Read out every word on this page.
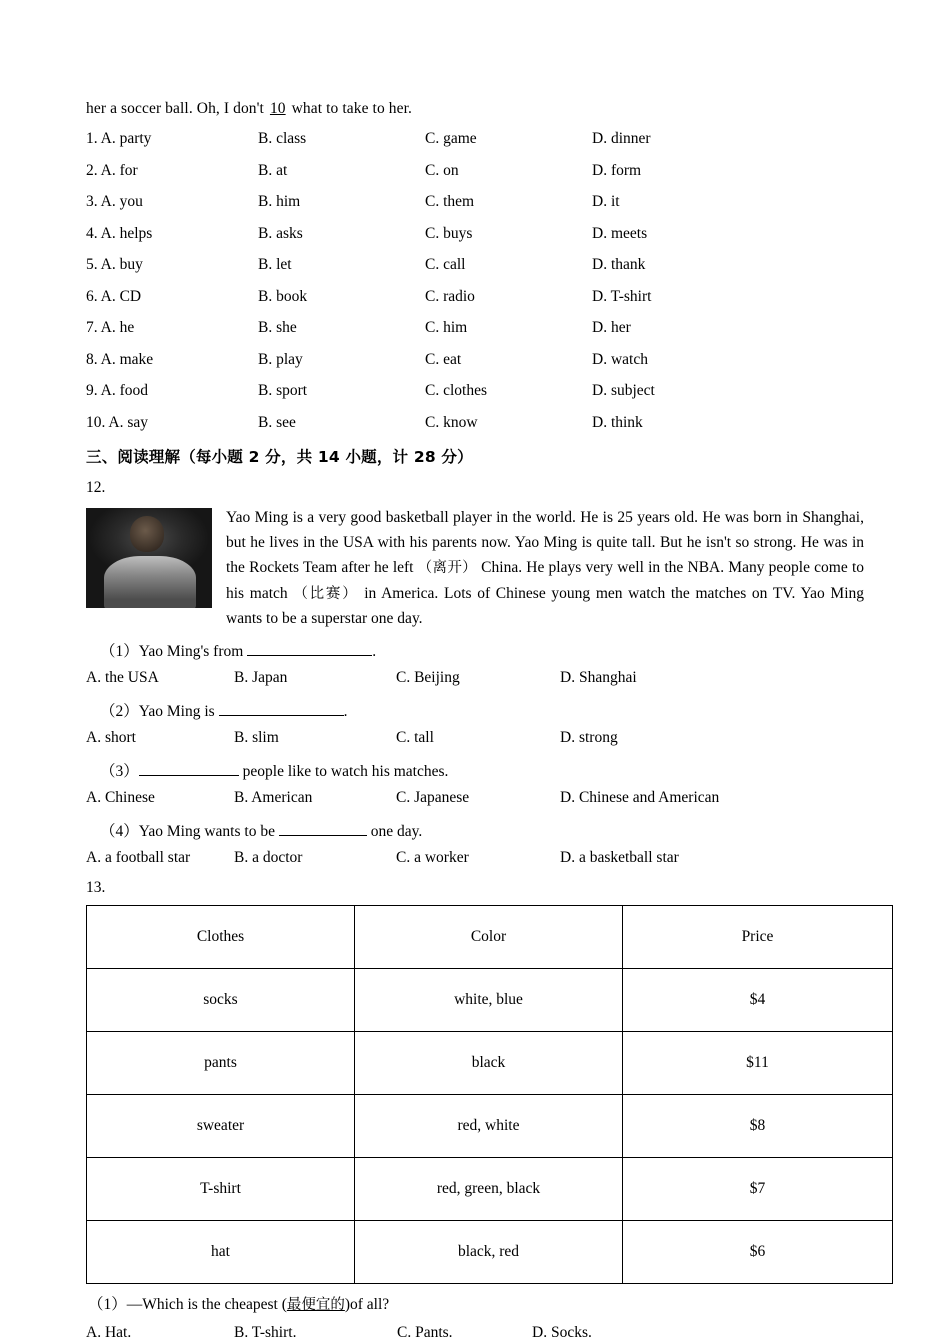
her a soccer ball. Oh, I don't 10 what to take to her.
1. A. party	B. class	C. game	D. dinner
2. A. for	B. at	C. on	D. form
3. A. you	B. him	C. them	D. it
4. A. helps	B. asks	C. buys	D. meets
5. A. buy	B. let	C. call	D. thank
6. A. CD	B. book	C. radio	D. T-shirt
7. A. he	B. she	C. him	D. her
8. A. make	B. play	C. eat	D. watch
9. A. food	B. sport	C. clothes	D. subject
10. A. say	B. see	C. know	D. think
三、阅读理解（每小题 2 分，共 14 小题，计 28 分）
12.
Yao Ming is a very good basketball player in the world. He is 25 years old. He was born in Shanghai, but he lives in the USA with his parents now. Yao Ming is quite tall. But he isn't so strong. He was in the Rockets Team after he left （离开） China. He plays very well in the NBA. Many people come to his match （比赛） in America. Lots of Chinese young men watch the matches on TV. Yao Ming wants to be a superstar one day.
（1）Yao Ming's from	.
A. the USA	B. Japan	C. Beijing	D. Shanghai
（2）Yao Ming is	.
A. short	B. slim	C. tall	D. strong
（3）	people like to watch his matches.
A. Chinese	B. American	C. Japanese	D. Chinese and American
（4）Yao Ming wants to be	one day.
A. a football star	B. a doctor	C. a worker	D. a basketball star
13.
Clothes	Color	Price
socks	white, blue	$4
pants	black	$11
sweater	red, white	$8
T-shirt	red, green, black	$7
hat	black, red	$6
（1）—Which is the cheapest (最便宜的)of all?
A. Hat.	B. T-shirt.	C. Pants.	D. Socks.
